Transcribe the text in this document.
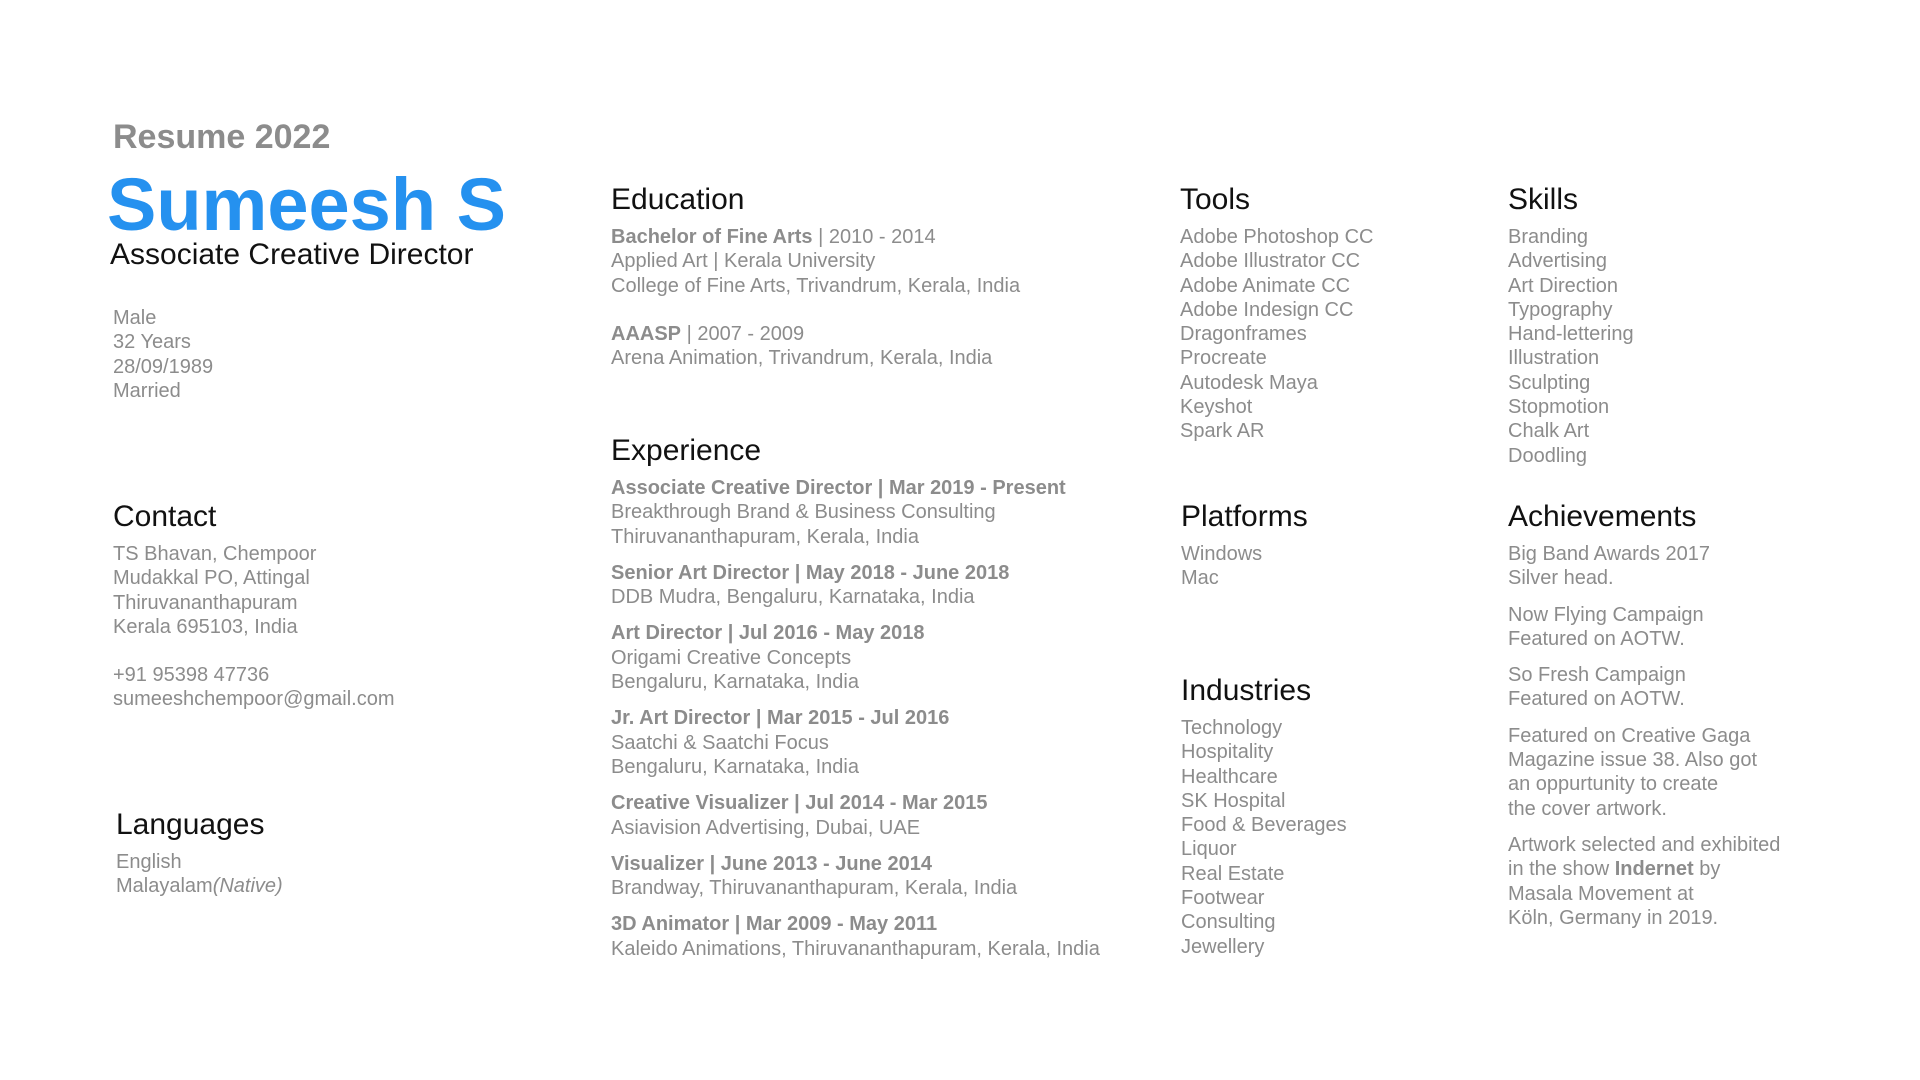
Resume 2022
Sumeesh S
Associate Creative Director
Male
32 Years
28/09/1989
Married
Contact
TS Bhavan, Chempoor
Mudakkal PO, Attingal
Thiruvananthapuram
Kerala 695103, India
+91 95398 47736
sumeeshchempoor@gmail.com
Languages
English
Malayalam(Native)
Education
Bachelor of Fine Arts | 2010 - 2014
Applied Art | Kerala University
College of Fine Arts, Trivandrum, Kerala, India
AAASP | 2007 - 2009
Arena Animation, Trivandrum, Kerala, India
Experience
Associate Creative Director | Mar 2019 - Present
Breakthrough Brand & Business Consulting
Thiruvananthapuram, Kerala, India
Senior Art Director | May 2018 - June 2018
DDB Mudra, Bengaluru, Karnataka, India
Art Director | Jul 2016 - May 2018
Origami Creative Concepts
Bengaluru, Karnataka, India
Jr. Art Director | Mar 2015 - Jul 2016
Saatchi & Saatchi Focus
Bengaluru, Karnataka, India
Creative Visualizer | Jul 2014 - Mar 2015
Asiavision Advertising, Dubai, UAE
Visualizer | June 2013 - June 2014
Brandway, Thiruvananthapuram, Kerala, India
3D Animator | Mar 2009 - May 2011
Kaleido Animations, Thiruvananthapuram, Kerala, India
Tools
Adobe Photoshop CC
Adobe Illustrator CC
Adobe Animate CC
Adobe Indesign CC
Dragonframes
Procreate
Autodesk Maya
Keyshot
Spark AR
Platforms
Windows
Mac
Industries
Technology
Hospitality
Healthcare
SK Hospital
Food & Beverages
Liquor
Real Estate
Footwear
Consulting
Jewellery
Skills
Branding
Advertising
Art Direction
Typography
Hand-lettering
Illustration
Sculpting
Stopmotion
Chalk Art
Doodling
Achievements
Big Band Awards 2017
Silver head.
Now Flying Campaign
Featured on AOTW.
So Fresh Campaign
Featured on AOTW.
Featured on Creative Gaga
Magazine issue 38. Also got
an oppurtunity to create
the cover artwork.
Artwork selected and exhibited
in the show Indernet by
Masala Movement at
Köln, Germany in 2019.
